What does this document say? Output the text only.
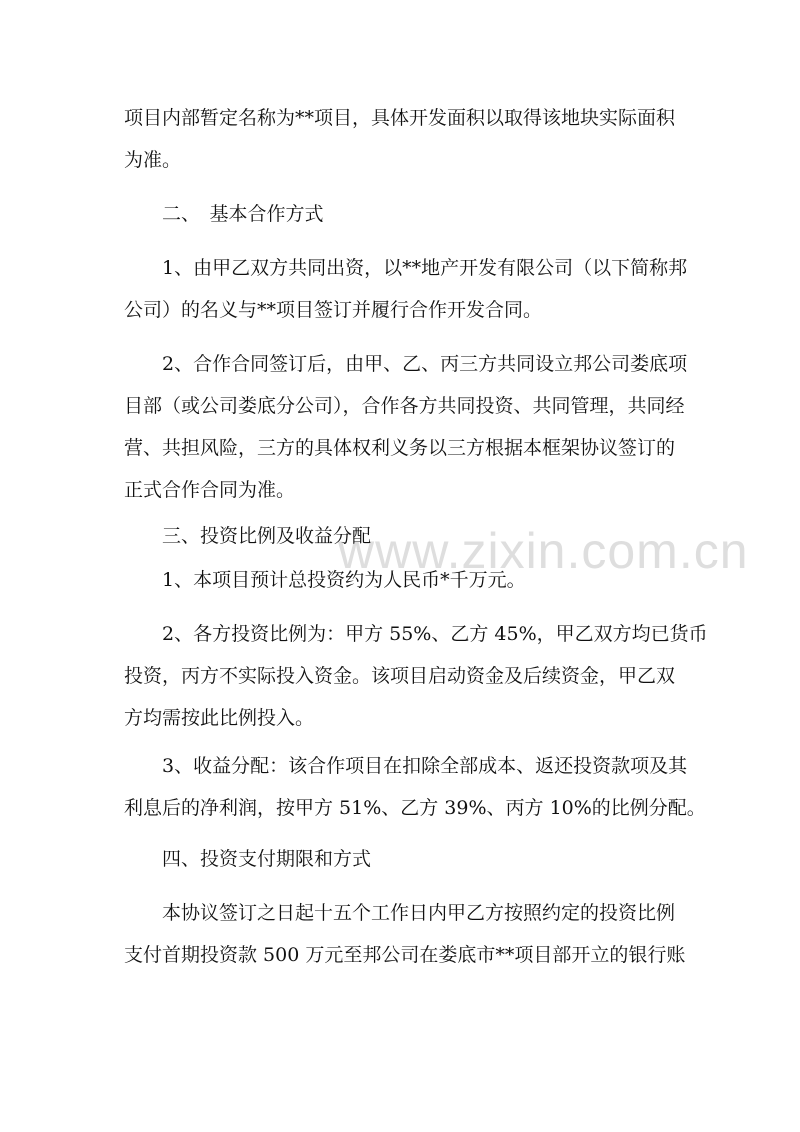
www.zixin.com.cn

项目内部暂定名称为**项目，具体开发面积以取得该地块实际面积
为准。

　　二、　基本合作方式

　　1、由甲乙双方共同出资，以**地产开发有限公司（以下简称邦
公司）的名义与**项目签订并履行合作开发合同。

　　2、合作合同签订后，由甲、乙、丙三方共同设立邦公司娄底项
目部（或公司娄底分公司），合作各方共同投资、共同管理，共同经
营、共担风险，三方的具体权利义务以三方根据本框架协议签订的
正式合作合同为准。

　　三、投资比例及收益分配

　　1、本项目预计总投资约为人民币*千万元。

　　2、各方投资比例为：甲方 55%、乙方 45%，甲乙双方均已货币
投资，丙方不实际投入资金。该项目启动资金及后续资金，甲乙双
方均需按此比例投入。

　　3、收益分配：该合作项目在扣除全部成本、返还投资款项及其
利息后的净利润，按甲方 51%、乙方 39%、丙方 10%的比例分配。

　　四、投资支付期限和方式

　　本协议签订之日起十五个工作日内甲乙方按照约定的投资比例
支付首期投资款 500 万元至邦公司在娄底市**项目部开立的银行账
